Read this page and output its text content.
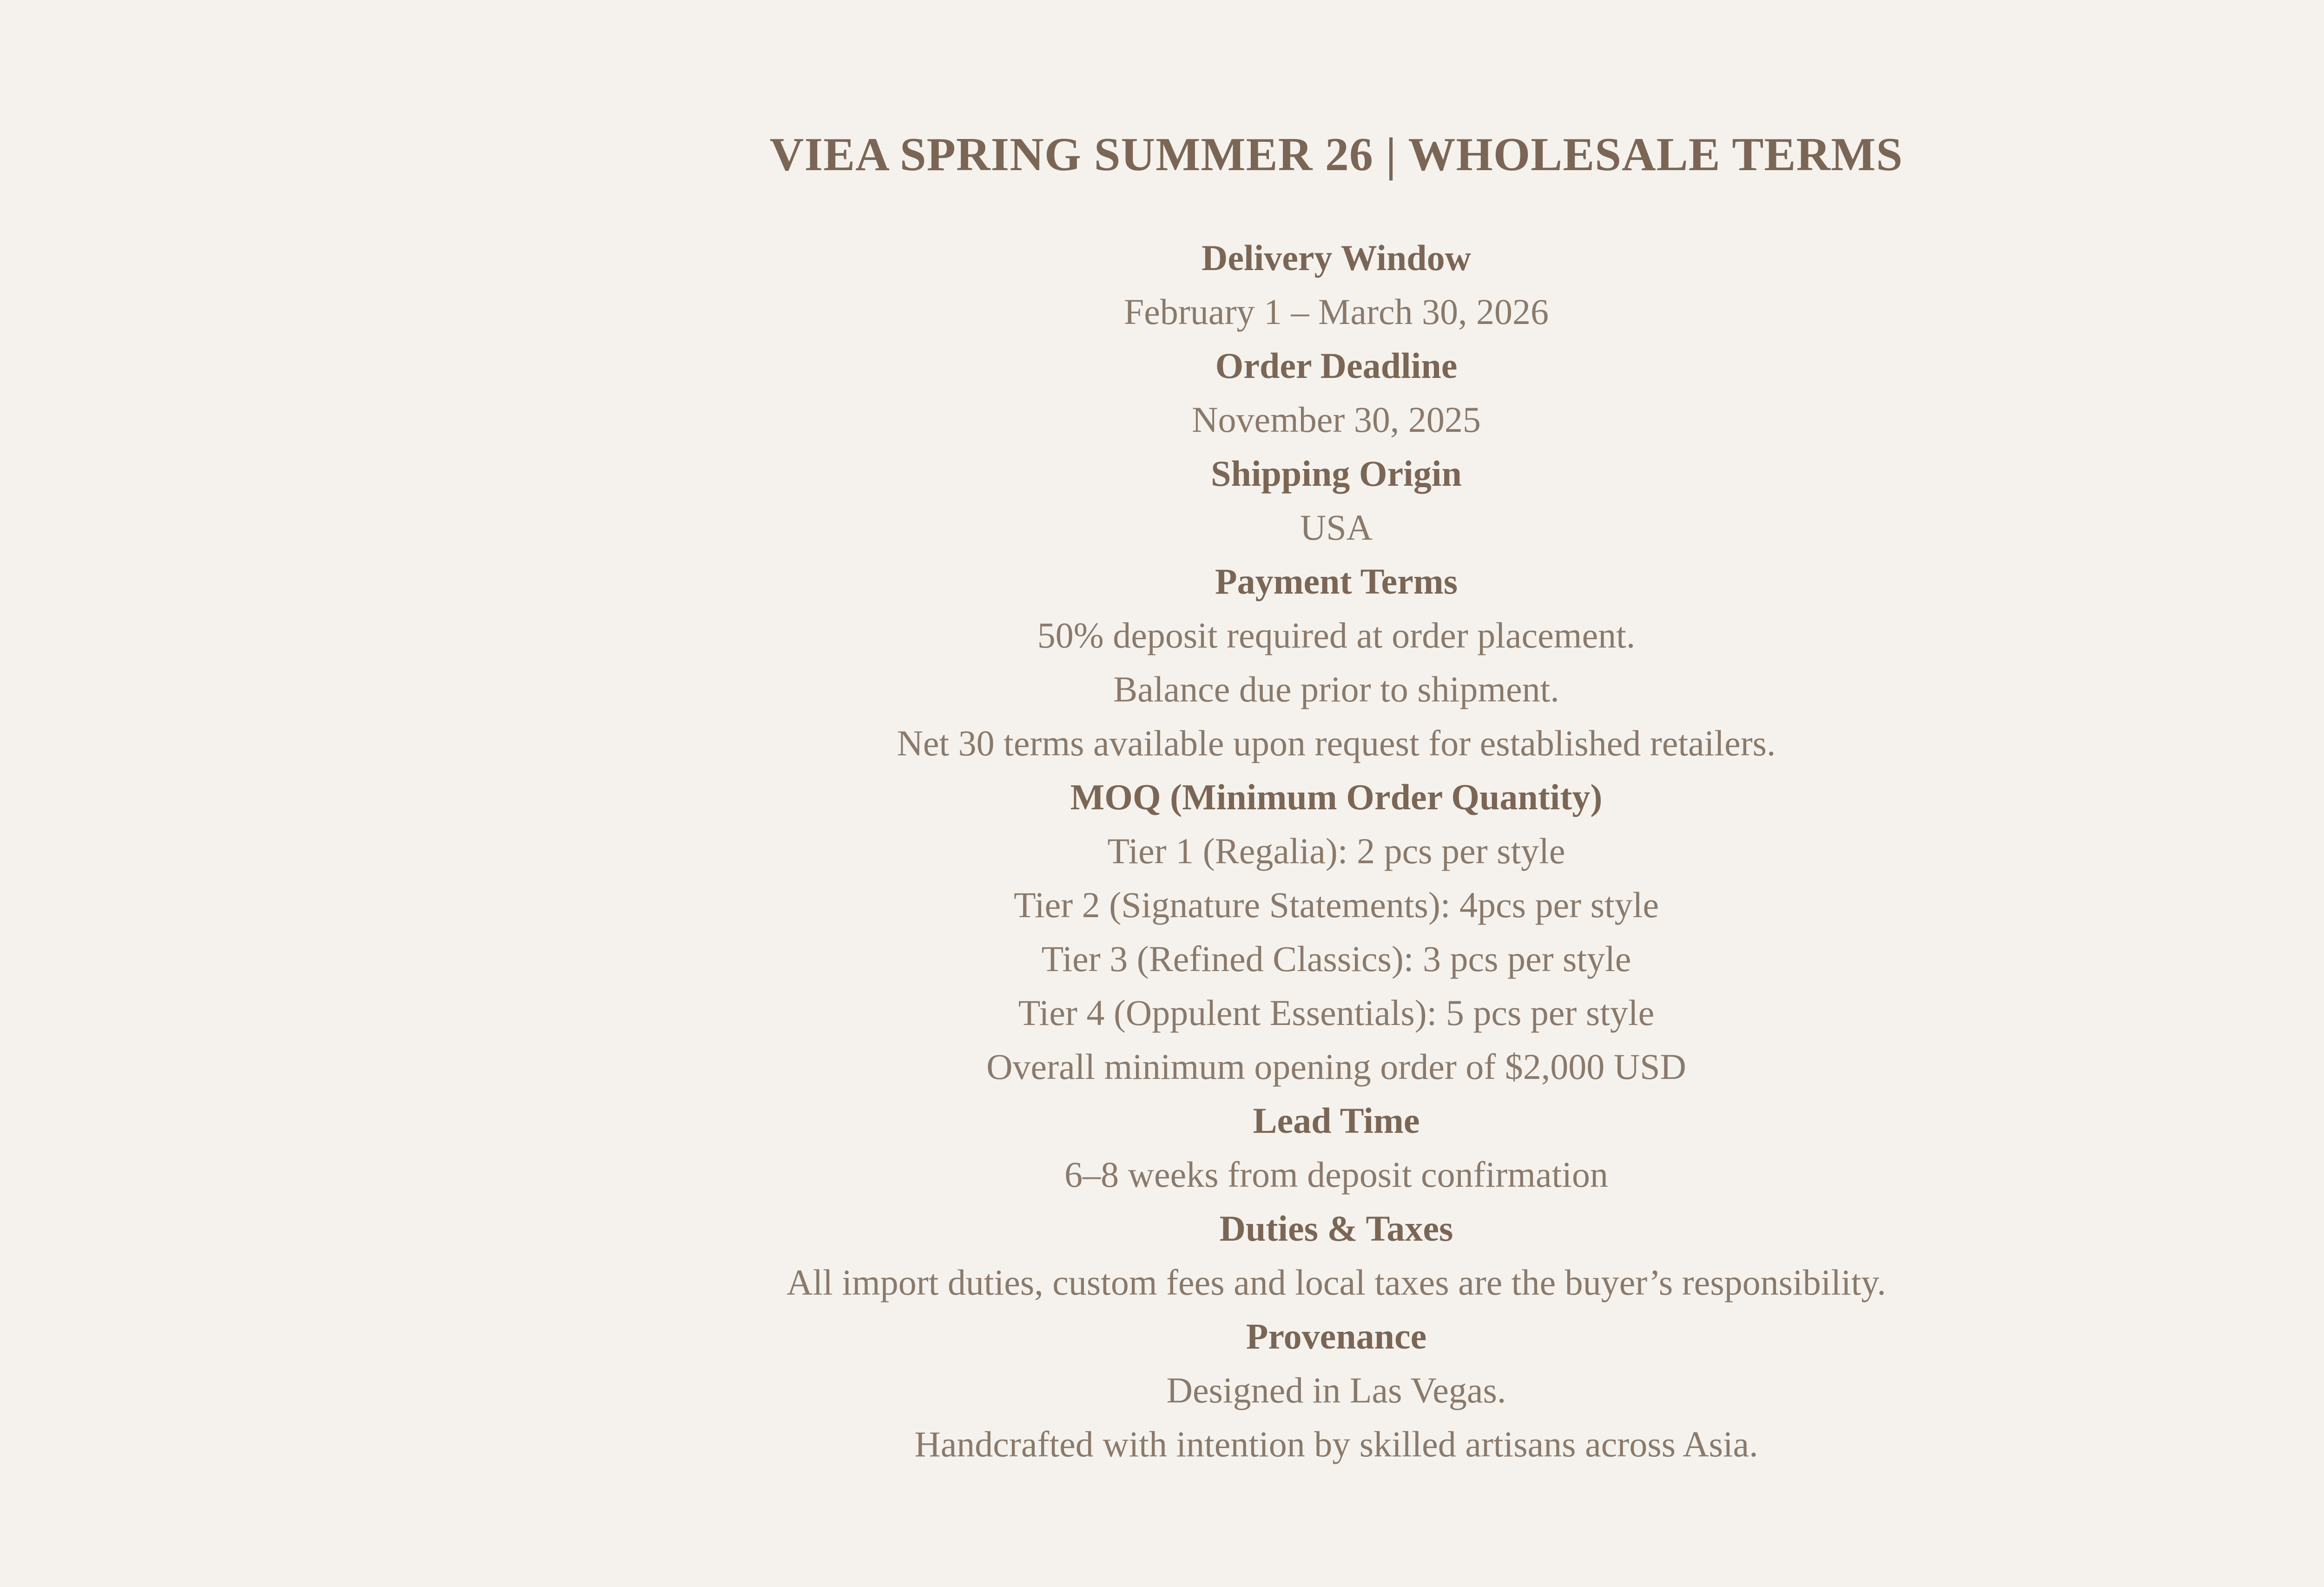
VIEA SPRING SUMMER 26 | WHOLESALE TERMS
Delivery Window
February 1 – March 30, 2026
Order Deadline
November 30, 2025
Shipping Origin
USA
Payment Terms
50% deposit required at order placement.
Balance due prior to shipment.
Net 30 terms available upon request for established retailers.
MOQ (Minimum Order Quantity)
Tier 1 (Regalia): 2 pcs per style
Tier 2 (Signature Statements): 4pcs per style
Tier 3 (Refined Classics): 3 pcs per style
Tier 4 (Oppulent Essentials): 5 pcs per style
Overall minimum opening order of $2,000 USD
Lead Time
6–8 weeks from deposit confirmation
Duties & Taxes
All import duties, custom fees and local taxes are the buyer’s responsibility.
Provenance
Designed in Las Vegas.
Handcrafted with intention by skilled artisans across Asia.
